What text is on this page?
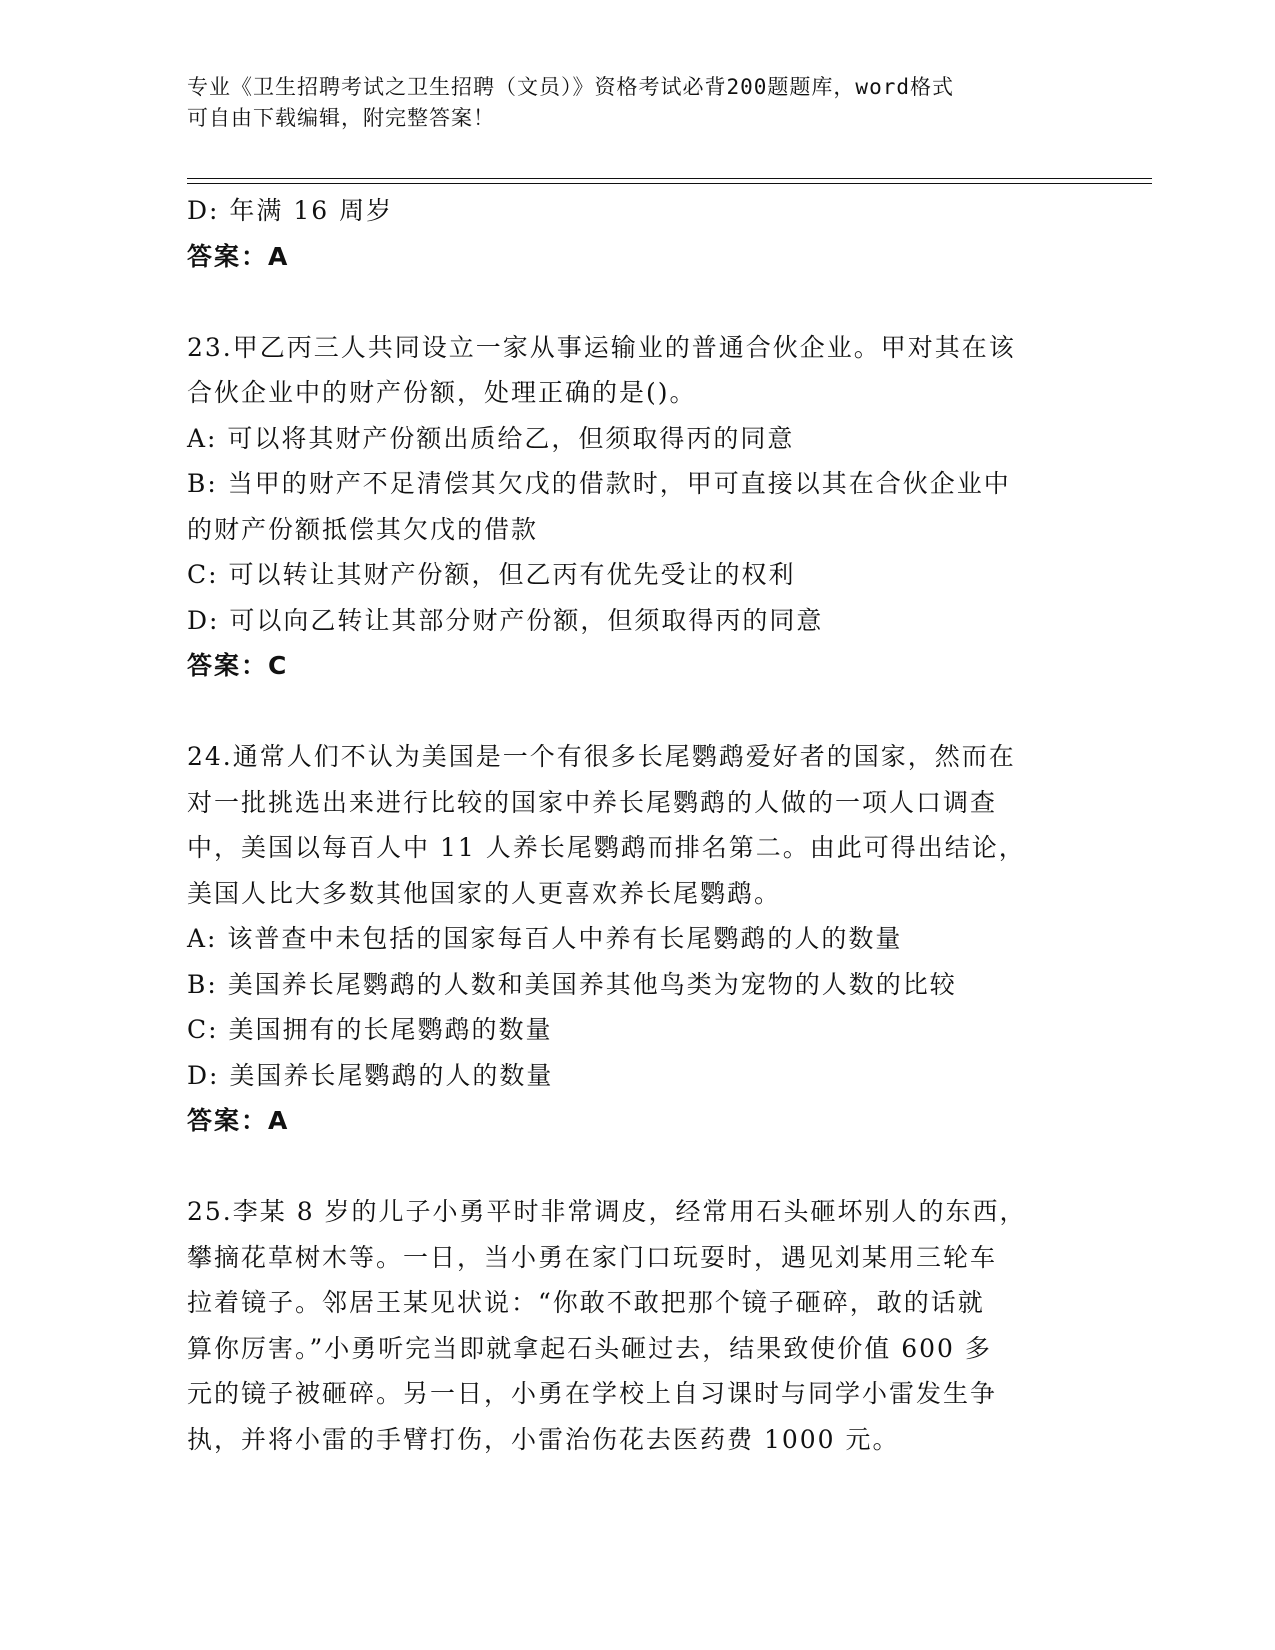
专业《卫生招聘考试之卫生招聘（文员）》资格考试必背200题题库，word格式
可自由下载编辑，附完整答案！
D: 年满 16 周岁
答案：A
23.甲乙丙三人共同设立一家从事运输业的普通合伙企业。甲对其在该
合伙企业中的财产份额，处理正确的是()。
A: 可以将其财产份额出质给乙，但须取得丙的同意
B: 当甲的财产不足清偿其欠戊的借款时，甲可直接以其在合伙企业中
的财产份额抵偿其欠戊的借款
C: 可以转让其财产份额，但乙丙有优先受让的权利
D: 可以向乙转让其部分财产份额，但须取得丙的同意
答案：C
24.通常人们不认为美国是一个有很多长尾鹦鹉爱好者的国家，然而在
对一批挑选出来进行比较的国家中养长尾鹦鹉的人做的一项人口调查
中，美国以每百人中 11 人养长尾鹦鹉而排名第二。由此可得出结论，
美国人比大多数其他国家的人更喜欢养长尾鹦鹉。
A: 该普查中未包括的国家每百人中养有长尾鹦鹉的人的数量
B: 美国养长尾鹦鹉的人数和美国养其他鸟类为宠物的人数的比较
C: 美国拥有的长尾鹦鹉的数量
D: 美国养长尾鹦鹉的人的数量
答案：A
25.李某 8 岁的儿子小勇平时非常调皮，经常用石头砸坏别人的东西，
攀摘花草树木等。一日，当小勇在家门口玩耍时，遇见刘某用三轮车
拉着镜子。邻居王某见状说：“你敢不敢把那个镜子砸碎，敢的话就
算你厉害。”小勇听完当即就拿起石头砸过去，结果致使价值 600 多
元的镜子被砸碎。另一日，小勇在学校上自习课时与同学小雷发生争
执，并将小雷的手臂打伤，小雷治伤花去医药费 1000 元。
